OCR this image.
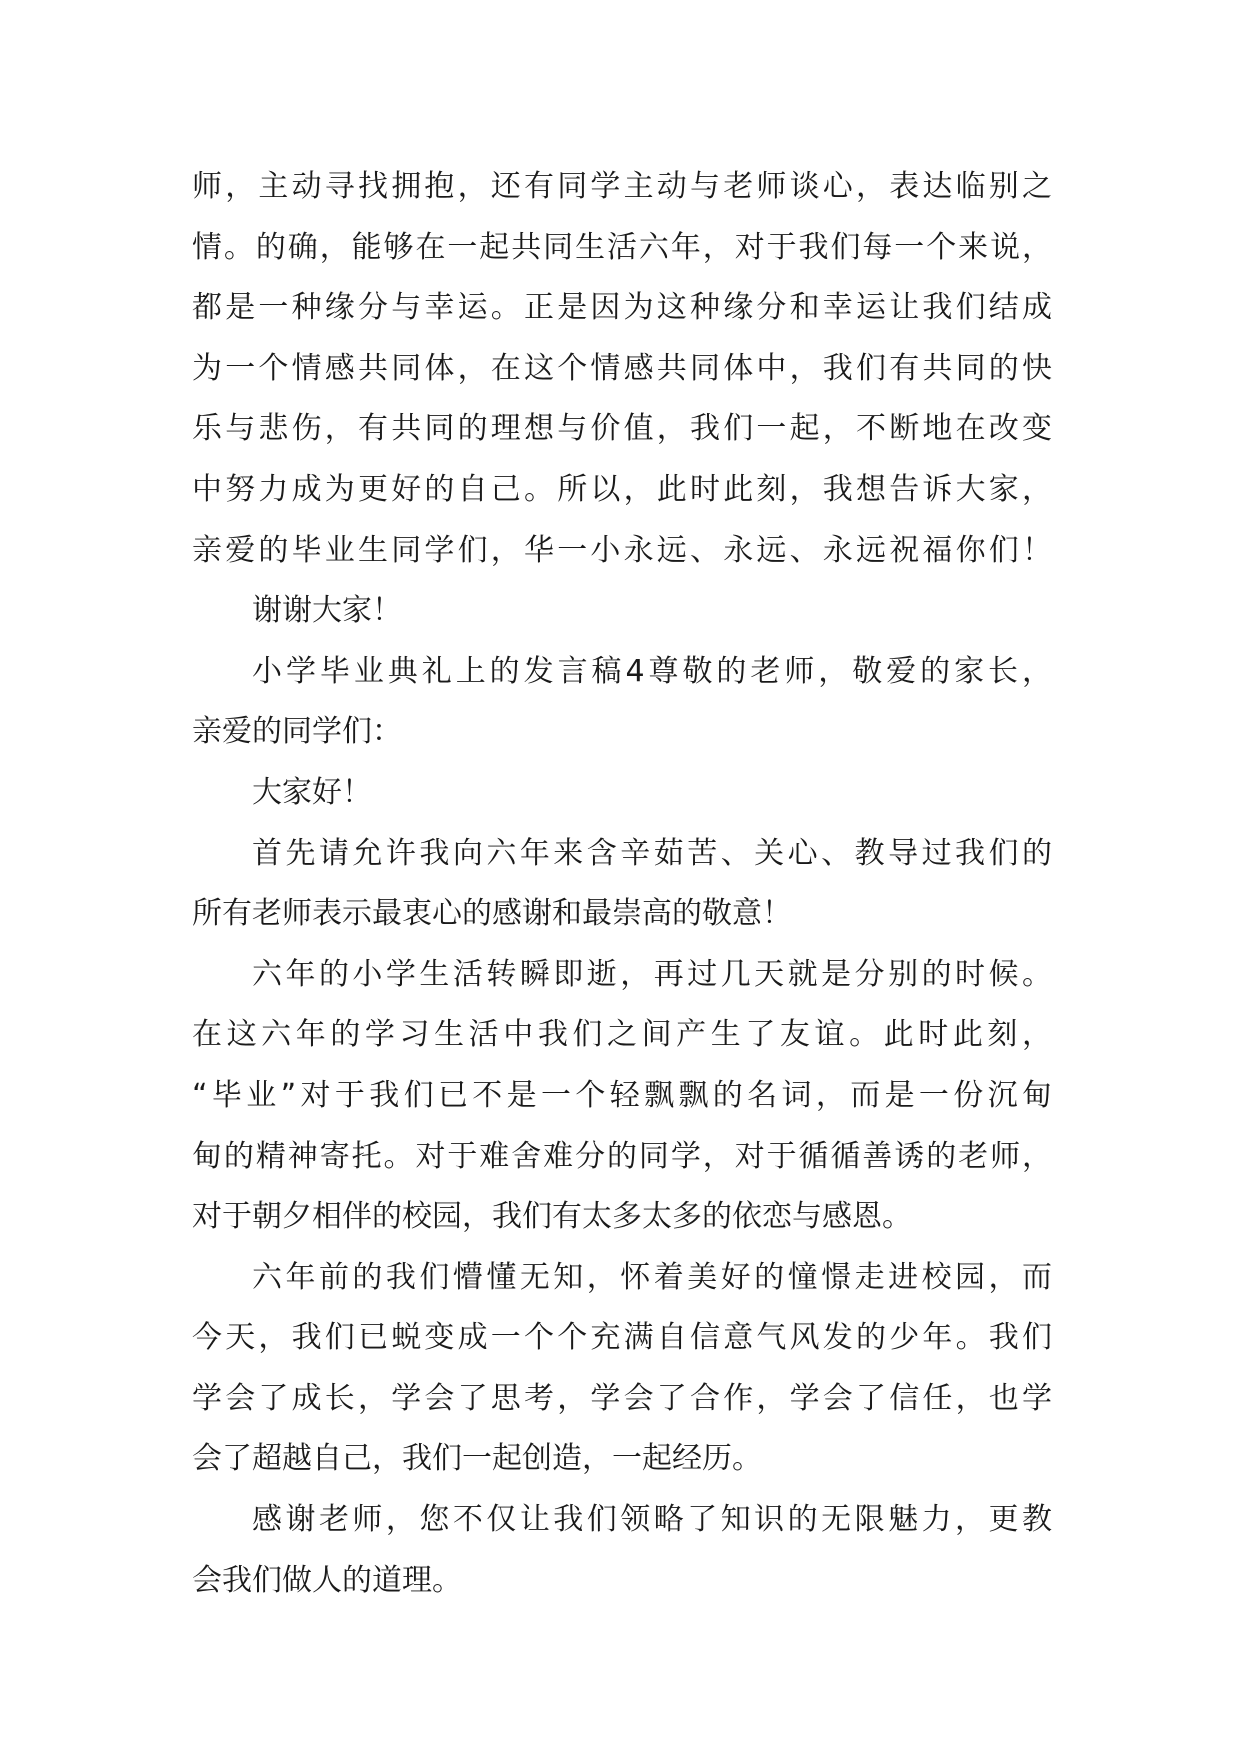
师，主动寻找拥抱，还有同学主动与老师谈心，表达临别之
情。的确，能够在一起共同生活六年，对于我们每一个来说，
都是一种缘分与幸运。正是因为这种缘分和幸运让我们结成
为一个情感共同体，在这个情感共同体中，我们有共同的快
乐与悲伤，有共同的理想与价值，我们一起，不断地在改变
中努力成为更好的自己。所以，此时此刻，我想告诉大家，
亲爱的毕业生同学们，华一小永远、永远、永远祝福你们！
谢谢大家！
小学毕业典礼上的发言稿4尊敬的老师，敬爱的家长，
亲爱的同学们：
大家好！
首先请允许我向六年来含辛茹苦、关心、教导过我们的
所有老师表示最衷心的感谢和最崇高的敬意！
六年的小学生活转瞬即逝，再过几天就是分别的时候。
在这六年的学习生活中我们之间产生了友谊。此时此刻，
“毕业”对于我们已不是一个轻飘飘的名词，而是一份沉甸
甸的精神寄托。对于难舍难分的同学，对于循循善诱的老师，
对于朝夕相伴的校园，我们有太多太多的依恋与感恩。
六年前的我们懵懂无知，怀着美好的憧憬走进校园，而
今天，我们已蜕变成一个个充满自信意气风发的少年。我们
学会了成长，学会了思考，学会了合作，学会了信任，也学
会了超越自己，我们一起创造，一起经历。
感谢老师，您不仅让我们领略了知识的无限魅力，更教
会我们做人的道理。
